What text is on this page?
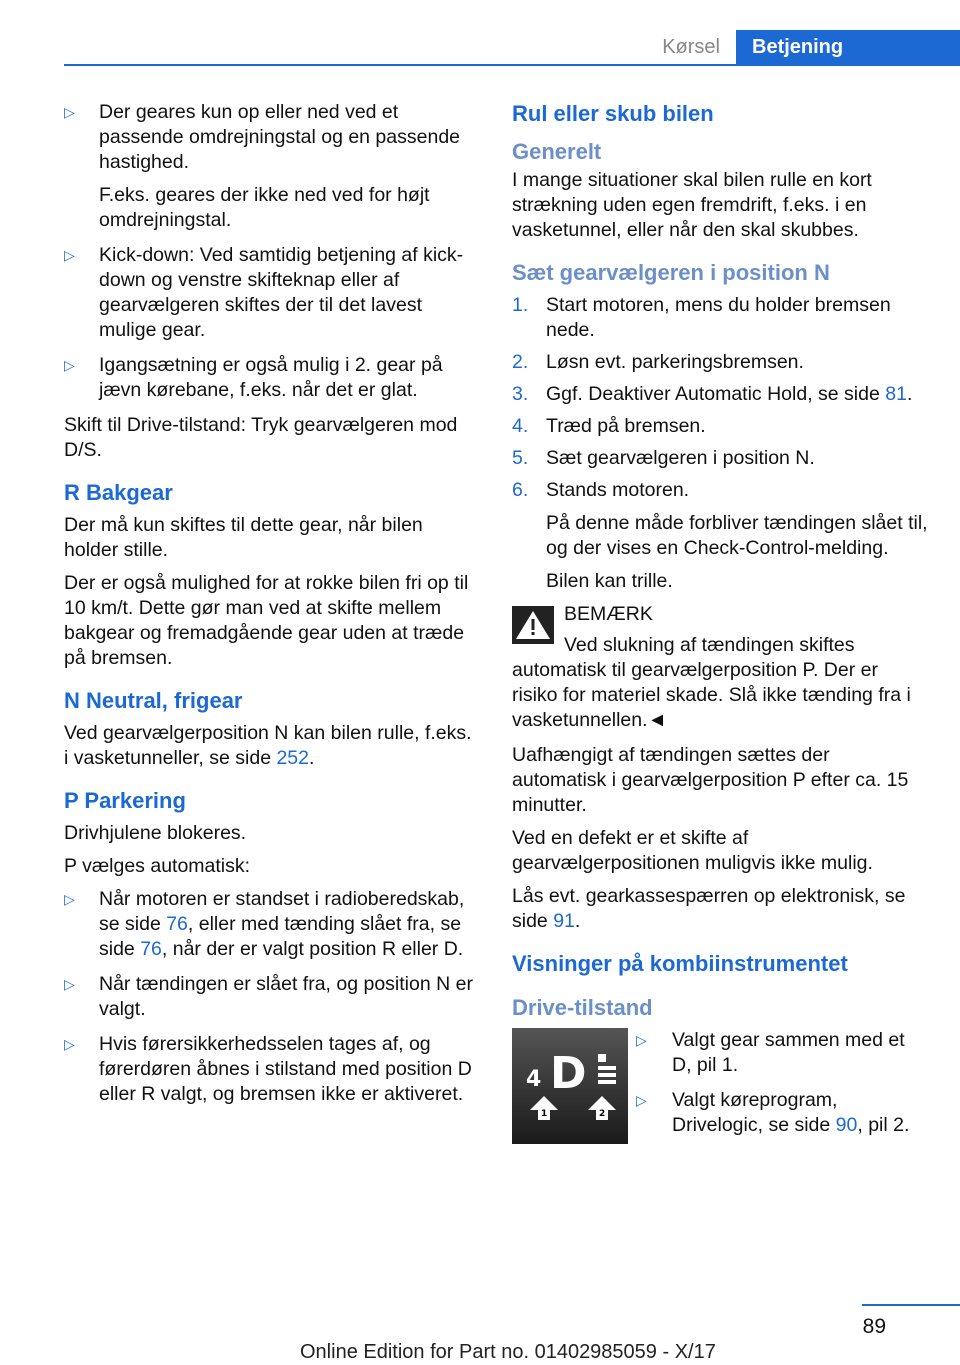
Kørsel	Betjening
▷ Der geares kun op eller ned ved et passende omdrejningstal og en passende hastighed.

F.eks. geares der ikke ned ved for højt omdrejningstal.

▷ Kick-down: Ved samtidig betjening af kick-down og venstre skifteknap eller af gearvælgeren skiftes der til det lavest mulige gear.

▷ Igangsætning er også mulig i 2. gear på jævn kørebane, f.eks. når det er glat.

Skift til Drive-tilstand: Tryk gearvælgeren mod D/S.

R Bakgear

Der må kun skiftes til dette gear, når bilen holder stille.

Der er også mulighed for at rokke bilen fri op til 10 km/t. Dette gør man ved at skifte mellem bakgear og fremadgående gear uden at træde på bremsen.

N Neutral, frigear

Ved gearvælgerposition N kan bilen rulle, f.eks. i vasketunneller, se side 252.

P Parkering

Drivhjulene blokeres.

P vælges automatisk:

▷ Når motoren er standset i radioberedskab, se side 76, eller med tænding slået fra, se side 76, når der er valgt position R eller D.

▷ Når tændingen er slået fra, og position N er valgt.

▷ Hvis førersikkerhedsselen tages af, og førerdøren åbnes i stilstand med position D eller R valgt, og bremsen ikke er aktiveret.

Rul eller skub bilen
Generelt

I mange situationer skal bilen rulle en kort strækning uden egen fremdrift, f.eks. i en vasketunnel, eller når den skal skubbes.

Sæt gearvælgeren i position N
1. Start motoren, mens du holder bremsen nede.
2. Løsn evt. parkeringsbremsen.
3. Ggf. Deaktiver Automatic Hold, se side 81.
4. Træd på bremsen.
5. Sæt gearvælgeren i position N.
6. Stands motoren.

På denne måde forbliver tændingen slået til, og der vises en Check-Control-melding.

Bilen kan trille.

BEMÆRK
Ved slukning af tændingen skiftes automatisk til gearvælgerposition P. Der er risiko for materiel skade. Slå ikke tænding fra i vasketunnellen.◄

Uafhængigt af tændingen sættes der automatisk i gearvælgerposition P efter ca. 15 minutter.

Ved en defekt er et skifte af gearvælgerpositionen muligvis ikke mulig.

Lås evt. gearkassespærren op elektronisk, se side 91.

Visninger på kombiinstrumentet
Drive-tilstand
4 D
1	2
▷ Valgt gear sammen med et D, pil 1.

▷ Valgt køreprogram, Drivelogic, se side 90, pil 2.

89
Online Edition for Part no. 01402985059 - X/17
